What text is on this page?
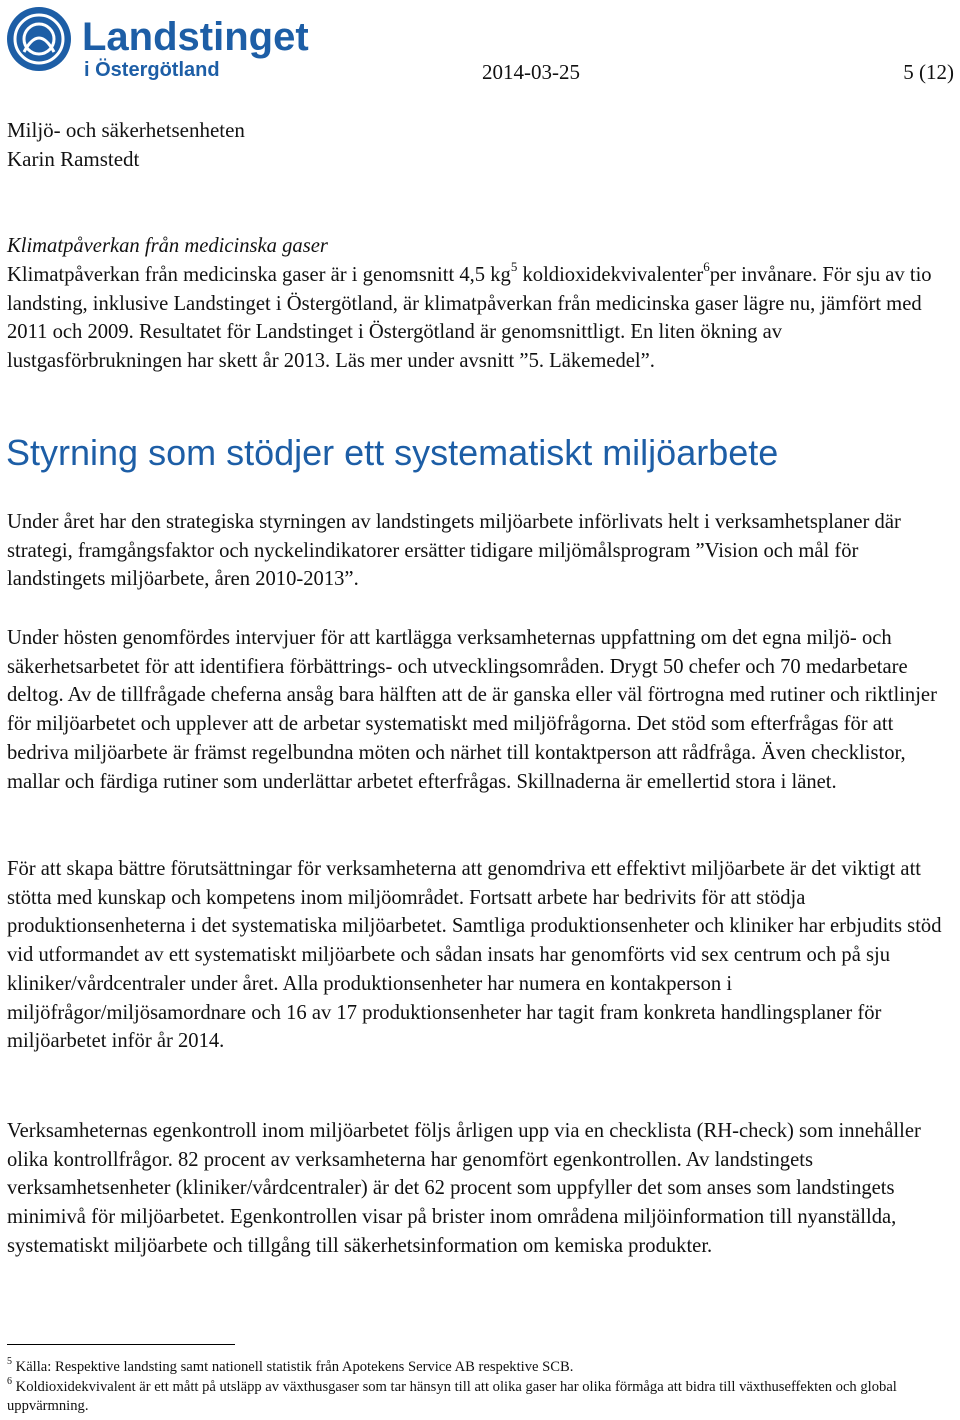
Landstinget
i Östergötland	2014-03-25	5 (12)
Miljö- och säkerhetsenheten
Karin Ramstedt

Klimatpåverkan från medicinska gaser

Klimatpåverkan från medicinska gaser är i genomsnitt 4,5 $kg^5$ koldioxidekvivalenter$^6$per invånare. För sju av tio landsting, inklusive Landstinget i Östergötland, är klimatpåverkan från medicinska gaser lägre nu, jämfört med 2011 och 2009. Resultatet för Landstinget i Östergötland är genomsnittligt. En liten ökning av lustgasförbrukningen har skett år 2013. Läs mer under avsnitt ”5. Läkemedel”.

Styrning som stödjer ett systematiskt miljöarbete

Under året har den strategiska styrningen av landstingets miljöarbete införlivats helt i verksamhetsplaner där strategi, framgångsfaktor och nyckelindikatorer ersätter tidigare miljömålsprogram ”Vision och mål för landstingets miljöarbete, åren 2010-2013”.

Under hösten genomfördes intervjuer för att kartlägga verksamheternas uppfattning om det egna miljö- och säkerhetsarbetet för att identifiera förbättrings- och utvecklingsområden. Drygt 50 chefer och 70 medarbetare deltog. Av de tillfrågade cheferna ansåg bara hälften att de är ganska eller väl förtrogna med rutiner och riktlinjer för miljöarbetet och upplever att de arbetar systematiskt med miljöfrågorna. Det stöd som efterfrågas för att bedriva miljöarbete är främst regelbundna möten och närhet till kontaktperson att rådfråga. Även checklistor, mallar och färdiga rutiner som underlättar arbetet efterfrågas. Skillnaderna är emellertid stora i länet.

För att skapa bättre förutsättningar för verksamheterna att genomdriva ett effektivt miljöarbete är det viktigt att stötta med kunskap och kompetens inom miljöområdet. Fortsatt arbete har bedrivits för att stödja produktionsenheterna i det systematiska miljöarbetet. Samtliga produktionsenheter och kliniker har erbjudits stöd vid utformandet av ett systematiskt miljöarbete och sådan insats har genomförts vid sex centrum och på sju kliniker/vårdcentraler under året. Alla produktionsenheter har numera en kontakperson i miljöfrågor/miljösamordnare och 16 av 17 produktionsenheter har tagit fram konkreta handlingsplaner för miljöarbetet inför år 2014.

Verksamheternas egenkontroll inom miljöarbetet följs årligen upp via en checklista (RH-check) som innehåller olika kontrollfrågor. 82 procent av verksamheterna har genomfört egenkontrollen. Av landstingets verksamhetsenheter (kliniker/vårdcentraler) är det 62 procent som uppfyller det som anses som landstingets minimivå för miljöarbetet. Egenkontrollen visar på brister inom områdena miljöinformation till nyanställda, systematiskt miljöarbete och tillgång till säkerhetsinformation om kemiska produkter.

$^5$ Källa: Respektive landsting samt nationell statistik från Apotekens Service AB respektive SCB.

$^6$ Koldioxidekvivalent är ett mått på utsläpp av växthusgaser som tar hänsyn till att olika gaser har olika förmåga att bidra till växthuseffekten och global uppvärmning.
